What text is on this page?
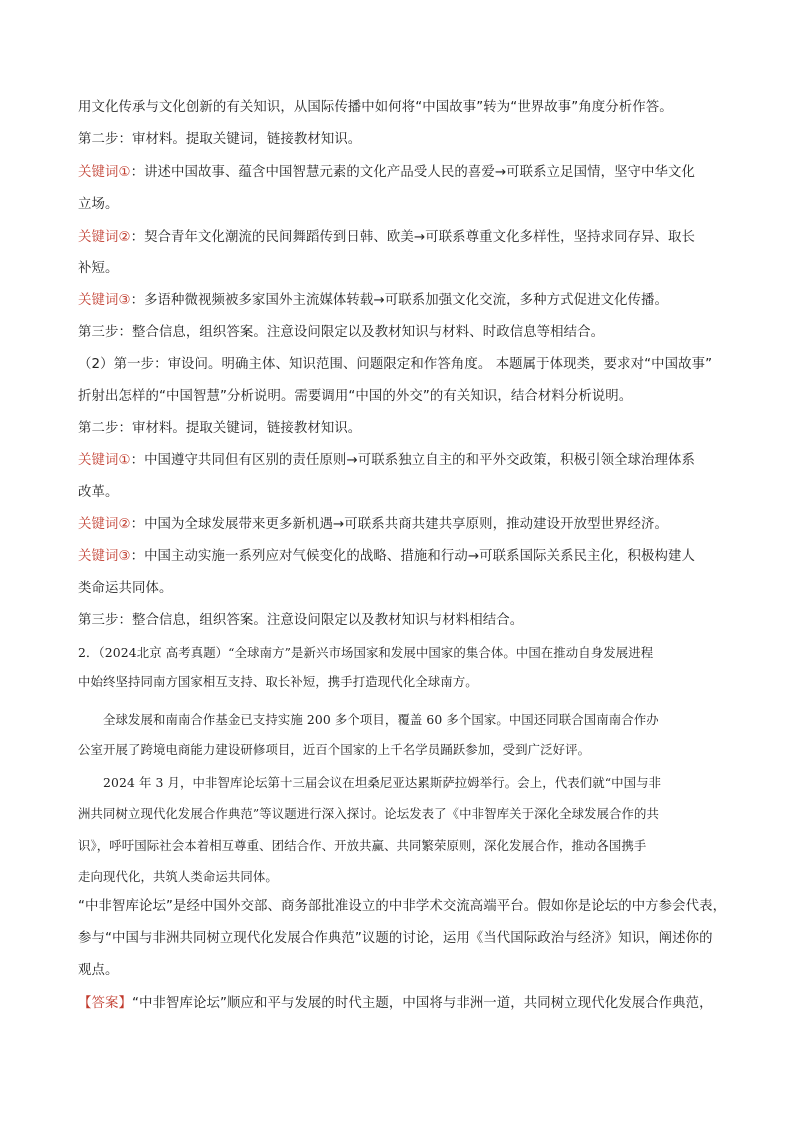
用文化传承与文化创新的有关知识，从国际传播中如何将“中国故事”转为“世界故事”角度分析作答。
第二步：审材料。提取关键词，链接教材知识。
关键词①：讲述中国故事、蕴含中国智慧元素的文化产品受人民的喜爱→可联系立足国情，坚守中华文化
立场。
关键词②：契合青年文化潮流的民间舞蹈传到日韩、欧美→可联系尊重文化多样性，坚持求同存异、取长
补短。
关键词③：多语种微视频被多家国外主流媒体转载→可联系加强文化交流，多种方式促进文化传播。
第三步：整合信息，组织答案。注意设问限定以及教材知识与材料、时政信息等相结合。
（2）第一步：审设问。明确主体、知识范围、问题限定和作答角度。 本题属于体现类，要求对“中国故事”
折射出怎样的“中国智慧”分析说明。需要调用“中国的外交”的有关知识，结合材料分析说明。
第二步：审材料。提取关键词，链接教材知识。
关键词①：中国遵守共同但有区别的责任原则→可联系独立自主的和平外交政策，积极引领全球治理体系
改革。
关键词②：中国为全球发展带来更多新机遇→可联系共商共建共享原则，推动建设开放型世界经济。
关键词③：中国主动实施一系列应对气候变化的战略、措施和行动→可联系国际关系民主化，积极构建人
类命运共同体。
第三步：整合信息，组织答案。注意设问限定以及教材知识与材料相结合。
2．（2024北京 高考真题）“全球南方”是新兴市场国家和发展中国家的集合体。中国在推动自身发展进程
中始终坚持同南方国家相互支持、取长补短，携手打造现代化全球南方。
全球发展和南南合作基金已支持实施 200 多个项目，覆盖 60 多个国家。中国还同联合国南南合作办
公室开展了跨境电商能力建设研修项目，近百个国家的上千名学员踊跃参加，受到广泛好评。
2024 年 3 月，中非智库论坛第十三届会议在坦桑尼亚达累斯萨拉姆举行。会上，代表们就“中国与非
洲共同树立现代化发展合作典范”等议题进行深入探讨。论坛发表了《中非智库关于深化全球发展合作的共
识》，呼吁国际社会本着相互尊重、团结合作、开放共赢、共同繁荣原则，深化发展合作，推动各国携手
走向现代化，共筑人类命运共同体。
“中非智库论坛”是经中国外交部、商务部批准设立的中非学术交流高端平台。假如你是论坛的中方参会代表，
参与“中国与非洲共同树立现代化发展合作典范”议题的讨论，运用《当代国际政治与经济》知识，阐述你的
观点。
【答案】“中非智库论坛”顺应和平与发展的时代主题，中国将与非洲一道，共同树立现代化发展合作典范，
